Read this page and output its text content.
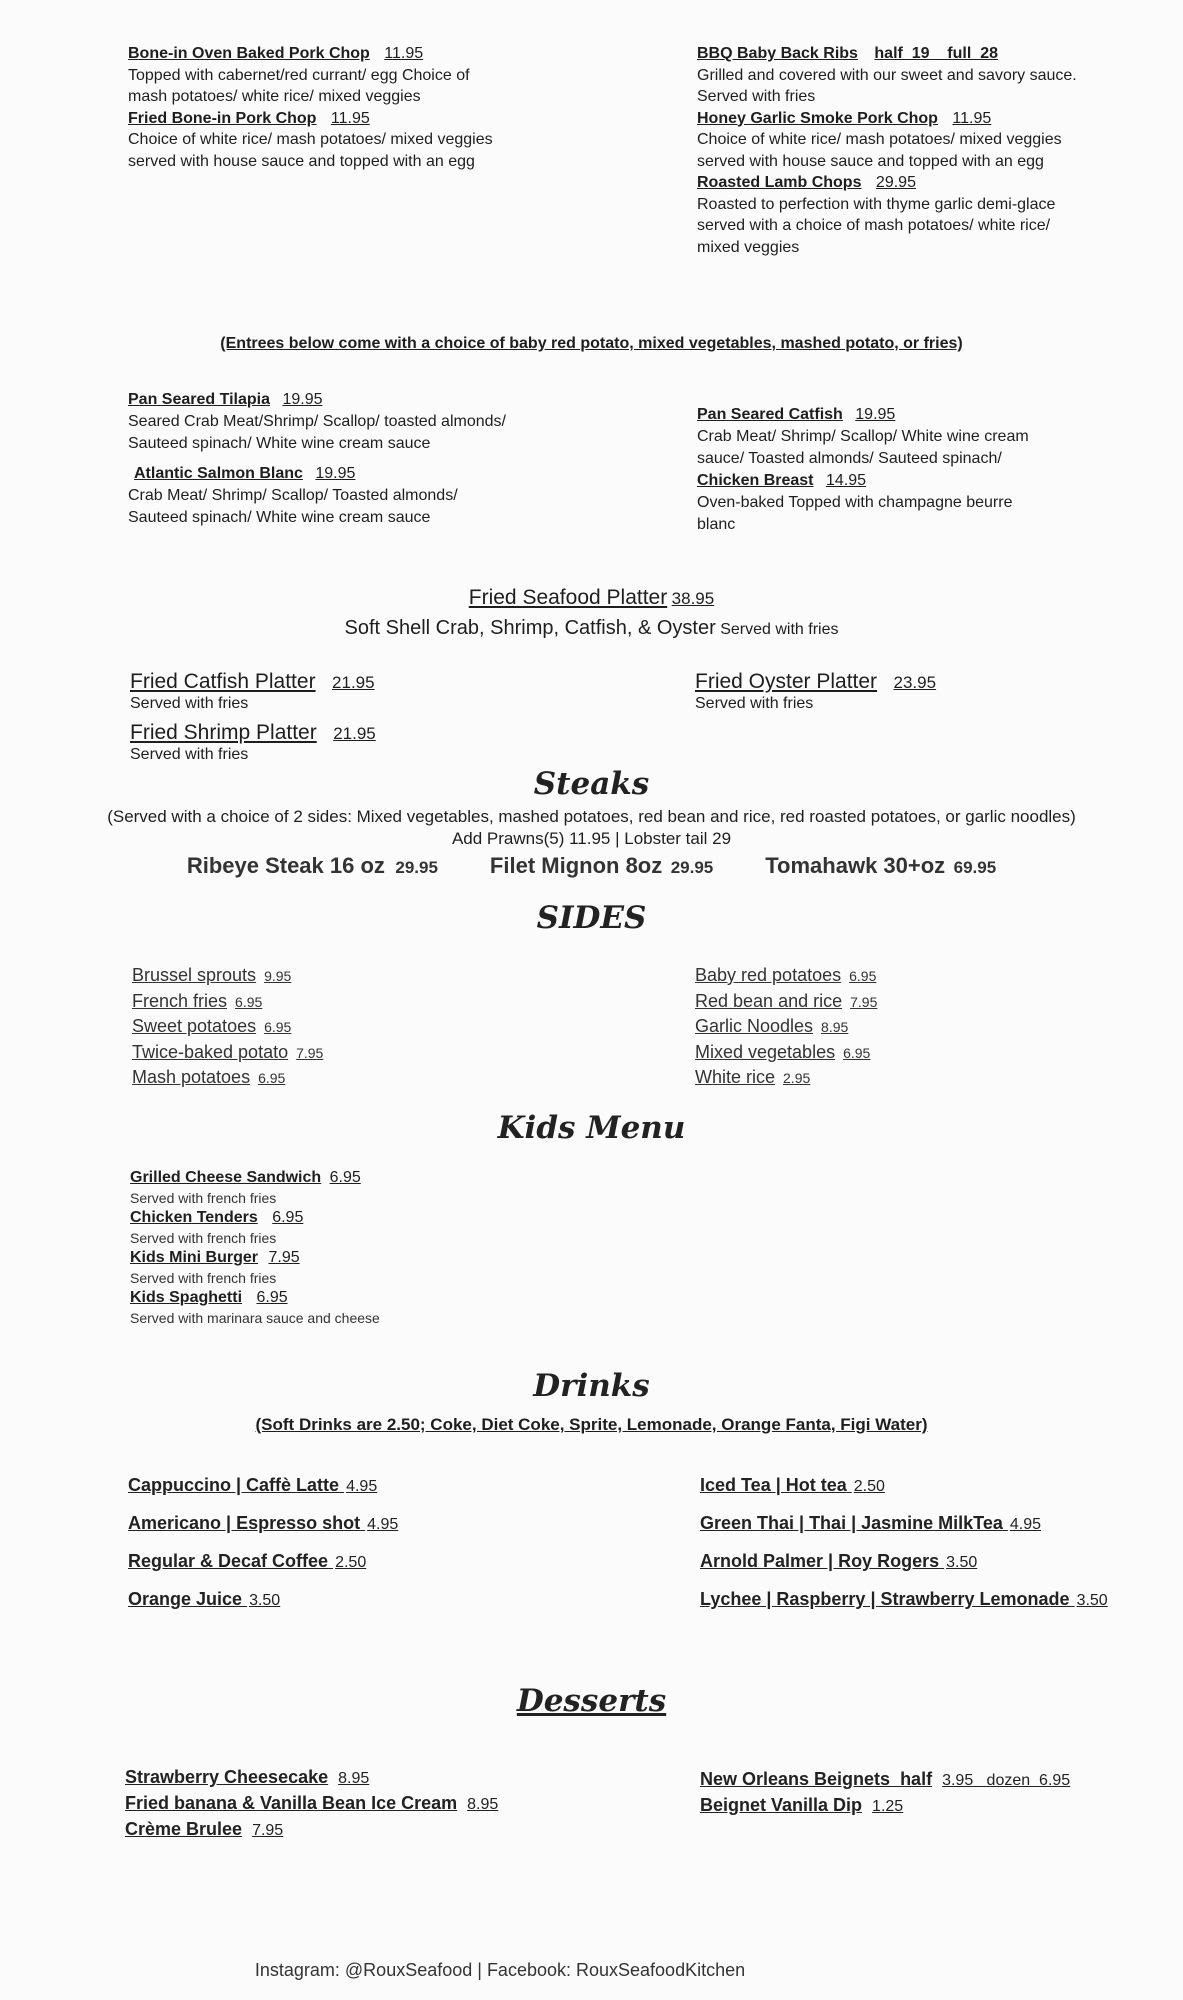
Bone-in Oven Baked Pork Chop 11.95
Topped with cabernet/red currant/ egg Choice of mash potatoes/ white rice/ mixed veggies
Fried Bone-in Pork Chop 11.95
Choice of white rice/ mash potatoes/ mixed veggies served with house sauce and topped with an egg
BBQ Baby Back Ribs half  19    full  28
Grilled and covered with our sweet and savory sauce. Served with fries
Honey Garlic Smoke Pork Chop 11.95
Choice of white rice/ mash potatoes/ mixed veggies served with house sauce and topped with an egg
Roasted Lamb Chops 29.95
Roasted to perfection with thyme garlic demi-glace served with a choice of mash potatoes/ white rice/ mixed veggies
(Entrees below come with a choice of baby red potato, mixed vegetables, mashed potato, or fries)
Pan Seared Tilapia 19.95
Seared Crab Meat/Shrimp/ Scallop/ toasted almonds/ Sauteed spinach/ White wine cream sauce
Atlantic Salmon Blanc 19.95
Crab Meat/ Shrimp/ Scallop/ Toasted almonds/ Sauteed spinach/ White wine cream sauce
Pan Seared Catfish 19.95
Crab Meat/ Shrimp/ Scallop/ White wine cream sauce/ Toasted almonds/ Sauteed spinach/
Chicken Breast 14.95
Oven-baked Topped with champagne beurre blanc
Fried Seafood Platter 38.95
Soft Shell Crab, Shrimp, Catfish, & Oyster Served with fries
Fried Catfish Platter 21.95
Served with fries
Fried Shrimp Platter 21.95
Served with fries
Fried Oyster Platter 23.95
Served with fries
Steaks
(Served with a choice of 2 sides: Mixed vegetables, mashed potatoes, red bean and rice, red roasted potatoes, or garlic noodles)
Add Prawns(5) 11.95 | Lobster tail 29
Ribeye Steak 16 oz 29.95 Filet Mignon 8oz 29.95 Tomahawk 30+oz 69.95
SIDES
Brussel sprouts 9.95
French fries 6.95
Sweet potatoes 6.95
Twice-baked potato 7.95
Mash potatoes 6.95
Baby red potatoes 6.95
Red bean and rice 7.95
Garlic Noodles 8.95
Mixed vegetables 6.95
White rice 2.95
Kids Menu
Grilled Cheese Sandwich 6.95
Served with french fries
Chicken Tenders 6.95
Served with french fries
Kids Mini Burger 7.95
Served with french fries
Kids Spaghetti 6.95
Served with marinara sauce and cheese
Drinks
(Soft Drinks are 2.50; Coke, Diet Coke, Sprite, Lemonade, Orange Fanta, Figi Water)
Cappuccino | Caffè Latte 4.95
Americano | Espresso shot 4.95
Regular & Decaf Coffee 2.50
Orange Juice 3.50
Iced Tea | Hot tea 2.50
Green Thai | Thai | Jasmine MilkTea 4.95
Arnold Palmer | Roy Rogers 3.50
Lychee | Raspberry | Strawberry Lemonade 3.50
Desserts
Strawberry Cheesecake 8.95
Fried banana & Vanilla Bean Ice Cream 8.95
Crème Brulee 7.95
New Orleans Beignets  half 3.95   dozen  6.95
Beignet Vanilla Dip 1.25
Instagram: @RouxSeafood | Facebook: RouxSeafoodKitchen
